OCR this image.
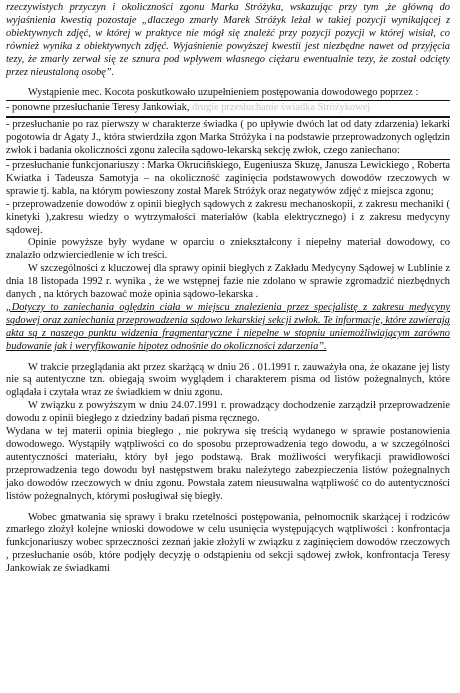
rzeczywistych przyczyn i okoliczności zgonu Marka Stróżyka, wskazując przy tym ,że główną do wyjaśnienia kwestią pozostaje „dlaczego zmarły Marek Stróżyk leżał w takiej pozycji wynikającej z obiektywnych zdjęć, w której w praktyce nie mógł się znaleźć przy pozycji pozycji w której wisiał, co również wynika z obiektywnych zdjęć. Wyjaśnienie powyższej kwestii jest niezbędne nawet od przyjęcia tezy, że zmarły zerwał się ze sznura pod wpływem własnego ciężaru ewentualnie tezy, że został odcięty przez nieustaloną osobę”.

Wystąpienie mec. Kocota poskutkowało uzupełnieniem postępowania dowodowego poprzez :

- ponowne przesłuchanie Teresy Jankowiak, drugie przesłuchanie świadka Stróżykowej

- przesłuchanie po raz pierwszy w charakterze świadka ( po upływie dwóch lat od daty zdarzenia) lekarki pogotowia dr Agaty J., która stwierdziła zgon Marka Stróżyka i na podstawie przeprowadzonych oględzin zwłok i badania okoliczności zgonu zaleciła sądowo-lekarską sekcję zwłok, czego zaniechano:

- przesłuchanie funkcjonariuszy : Marka Okruciñskiego, Eugeniusza Skuzę, Janusza Lewickiego , Roberta Kwiatka i Tadeusza Samotyja – na okoliczność zaginięcia podstawowych dowodów rzeczowych w sprawie tj. kabla, na którym powieszony został Marek Stróżyk oraz negatywów zdjęć z miejsca zgonu;

- przeprowadzenie dowodów z opinii biegłych sądowych z zakresu mechanoskopii, z zakresu mechaniki ( kinetyki ),zakresu wiedzy o wytrzymałości materiałów (kabla elektrycznego) i z zakresu medycyny sądowej.

Opinie powyższe były wydane w oparciu o zniekształcony i niepełny materiał dowodowy, co znalazło odzwierciedlenie w ich treści.

W szczególności z kluczowej dla sprawy opinii biegłych z Zakładu Medycyny Sądowej w Lublinie z dnia 18 listopada 1992 r. wynika , że we wstępnej fazie nie zdolano w sprawie zgromadzić niezbędnych danych , na których bazować może opinia sądowo-lekarska .

„Dotyczy to zaniechania oględzin ciała w miejscu znalezienia przez specjalistę z zakresu medycyny sądowej oraz zaniechania przeprowadzenia sądowo lekarskiej sekcji zwłok. Te informacje, które zawierają akta są z naszego punktu widzenia fragmentaryczne i niepełne w stopniu uniemożliwiającym zarówno budowanie jak i weryfikowanie hipotez odnośnie do okoliczności zdarzenia”.

W trakcie przeglądania akt przez skarżącą w dniu 26 . 01.1991 r. zauważyła ona, że okazane jej listy nie są autentyczne tzn. obiegają swoim wyglądem i charakterem pisma od listów pożegnalnych, które oglądała i czytała wraz ze świadkiem w dniu zgonu.

W związku z powyższym w dniu 24.07.1991 r. prowadzący dochodzenie zarządził przeprowadzenie dowodu z opinii biegłego z dziedziny badań pisma ręcznego.

Wydana w tej materii opinia biegłego , nie pokrywa się treścią wydanego w sprawie postanowienia dowodowego. Wystąpiły wątpliwości co do sposobu przeprowadzenia tego dowodu, a w szczególności autentyczności materiału, który był jego podstawą. Brak możliwości weryfikacji prawidłowości przeprowadzenia tego dowodu był następstwem braku należytego zabezpieczenia listów pożegnalnych jako dowodów rzeczowych w dniu zgonu. Powstała zatem nieusuwalna wątpliwość co do autentyczności listów pożegnalnych, którymi posługiwał się biegły.

Wobec gmatwania się sprawy i braku rzetelności postępowania, pełnomocnik skarżącej i rodziców zmarłego złożył kolejne wnioski dowodowe w celu usunięcia występujących wątpliwości : konfrontacja funkcjonariuszy wobec sprzeczności zeznań jakie złożyli w związku z zaginięciem dowodów rzeczowych , przesłuchanie osób, które podjęły decyzję o odstąpieniu od sekcji sądowej zwłok, konfrontacja Teresy Jankowiak ze świadkami
